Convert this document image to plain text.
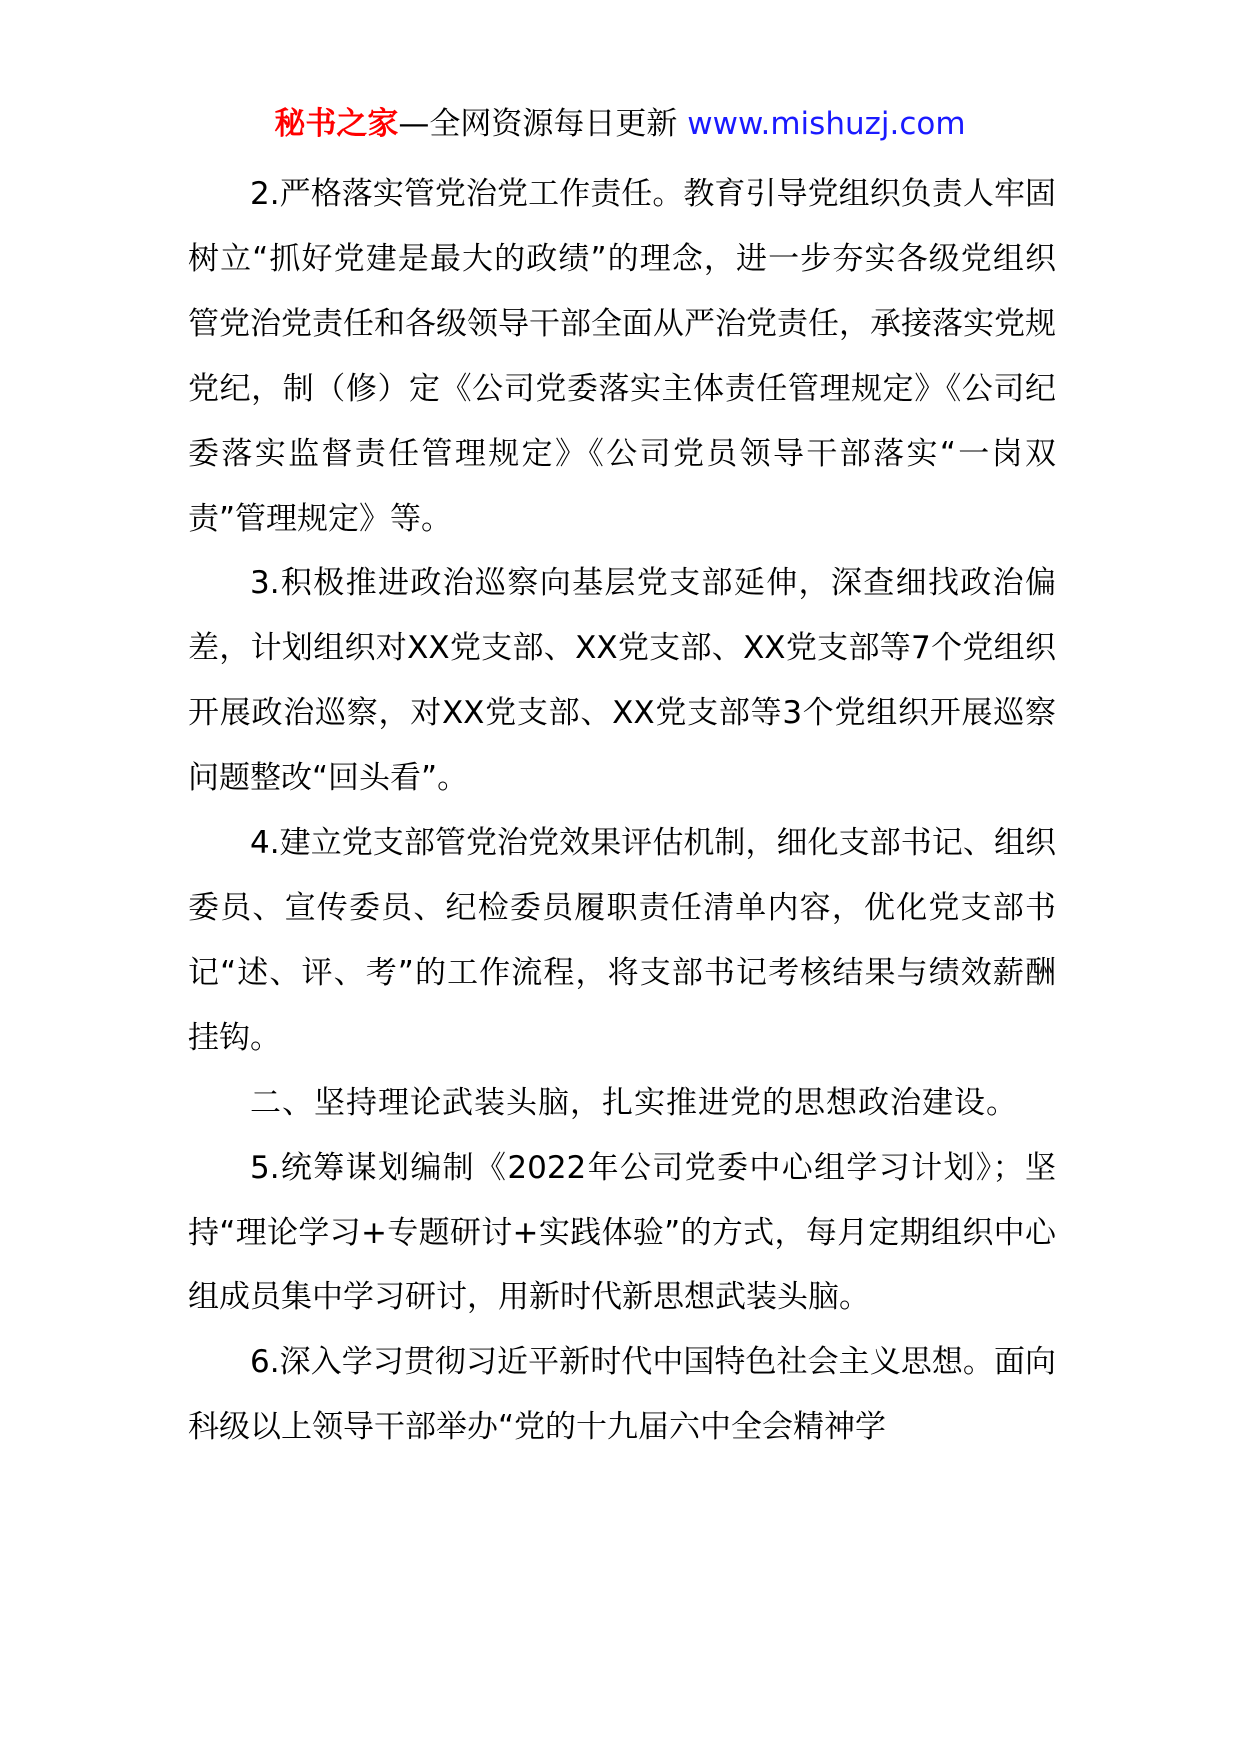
秘书之家—全网资源每日更新 www.mishuzj.com

2.严格落实管党治党工作责任。教育引导党组织负责人牢固树立“抓好党建是最大的政绩”的理念，进一步夯实各级党组织管党治党责任和各级领导干部全面从严治党责任，承接落实党规党纪，制（修）定《公司党委落实主体责任管理规定》《公司纪委落实监督责任管理规定》《公司党员领导干部落实“一岗双责”管理规定》等。

3.积极推进政治巡察向基层党支部延伸，深查细找政治偏差，计划组织对XX党支部、XX党支部、XX党支部等7个党组织开展政治巡察，对XX党支部、XX党支部等3个党组织开展巡察问题整改“回头看”。

4.建立党支部管党治党效果评估机制，细化支部书记、组织委员、宣传委员、纪检委员履职责任清单内容，优化党支部书记“述、评、考”的工作流程，将支部书记考核结果与绩效薪酬挂钩。

二、坚持理论武装头脑，扎实推进党的思想政治建设。

5.统筹谋划编制《2022年公司党委中心组学习计划》；坚持“理论学习+专题研讨+实践体验”的方式，每月定期组织中心组成员集中学习研讨，用新时代新思想武装头脑。

6.深入学习贯彻习近平新时代中国特色社会主义思想。面向科级以上领导干部举办“党的十九届六中全会精神学
